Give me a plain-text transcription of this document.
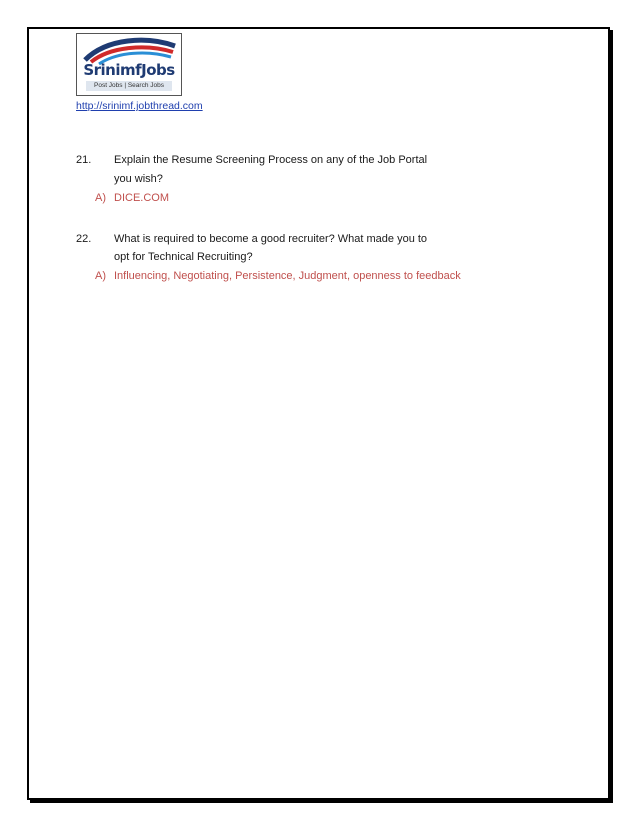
SrinimfJobs
Post Jobs | Search Jobs
http://srinimf.jobthread.com
21. Explain the Resume Screening Process on any of the Job Portal
you wish?
A) DICE.COM
22. What is required to become a good recruiter? What made you to
opt for Technical Recruiting?
A) Influencing, Negotiating, Persistence, Judgment, openness to feedback
